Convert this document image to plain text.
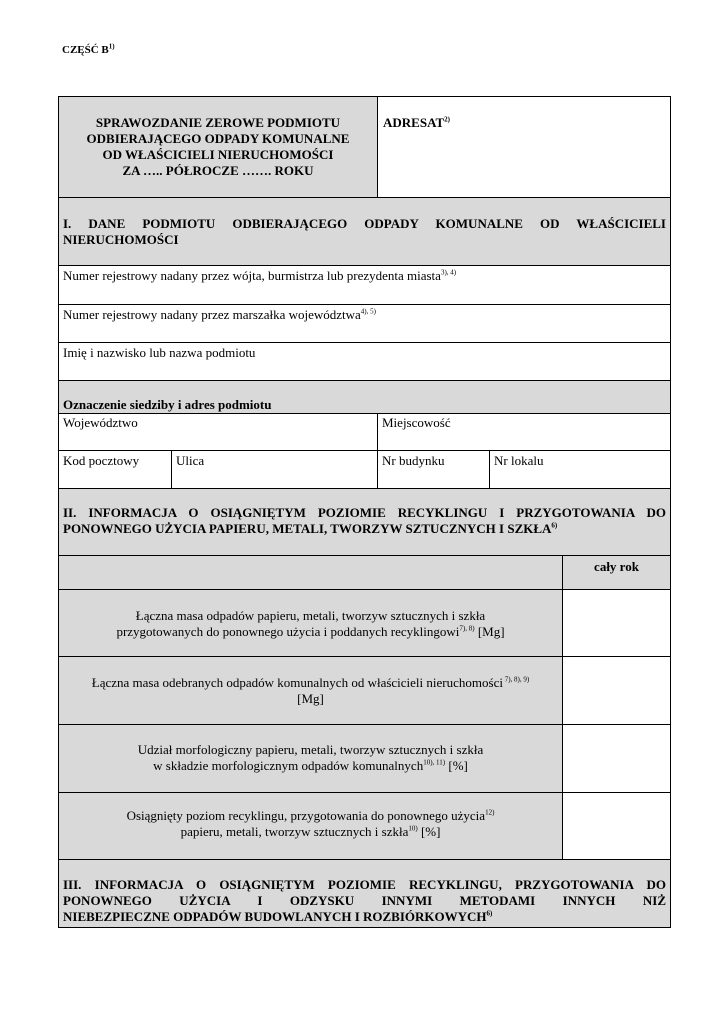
CZĘŚĆ $B^{1)}$
SPRAWOZDANIE ZEROWE PODMIOTU
ODBIERAJĄCEGO ODPADY KOMUNALNE
OD WŁAŚCICIELI NIERUCHOMOŚCI
ZA ….. PÓŁROCZE ……. ROKU
ADRESAT$^{2)}$
I. DANE PODMIOTU ODBIERAJĄCEGO ODPADY KOMUNALNE OD WŁAŚCICIELI
NIERUCHOMOŚCI
Numer rejestrowy nadany przez wójta, burmistrza lub prezydenta miasta$^{3), 4)}$
Numer rejestrowy nadany przez marszałka województwa$^{4), 5)}$
Imię i nazwisko lub nazwa podmiotu
Oznaczenie siedziby i adres podmiotu
Województwo	Miejscowość
Kod pocztowy	Ulica	Nr budynku	Nr lokalu
II. INFORMACJA O OSIĄGNIĘTYM POZIOMIE RECYKLINGU I PRZYGOTOWANIA DO
PONOWNEGO UŻYCIA PAPIERU, METALI, TWORZYW SZTUCZNYCH I SZKŁA$^{6)}$
cały rok
Łączna masa odpadów papieru, metali, tworzyw sztucznych i szkła
przygotowanych do ponownego użycia i poddanych recyklingowi$^{7), 8)}$ [Mg]
Łączna masa odebranych odpadów komunalnych od właścicieli nieruchomości $^{7), 8), 9)}$
[Mg]
Udział morfologiczny papieru, metali, tworzyw sztucznych i szkła
w składzie morfologicznym odpadów komunalnych$^{10), 11)}$ [%]
Osiągnięty poziom recyklingu, przygotowania do ponownego użycia$^{12)}$
papieru, metali, tworzyw sztucznych i szkła$^{10)}$ [%]
III. INFORMACJA O OSIĄGNIĘTYM POZIOMIE RECYKLINGU, PRZYGOTOWANIA DO
PONOWNEGO UŻYCIA I ODZYSKU INNYMI METODAMI INNYCH NIŻ
NIEBEZPIECZNE ODPADÓW BUDOWLANYCH I ROZBIÓRKOWYCH$^{6)}$
